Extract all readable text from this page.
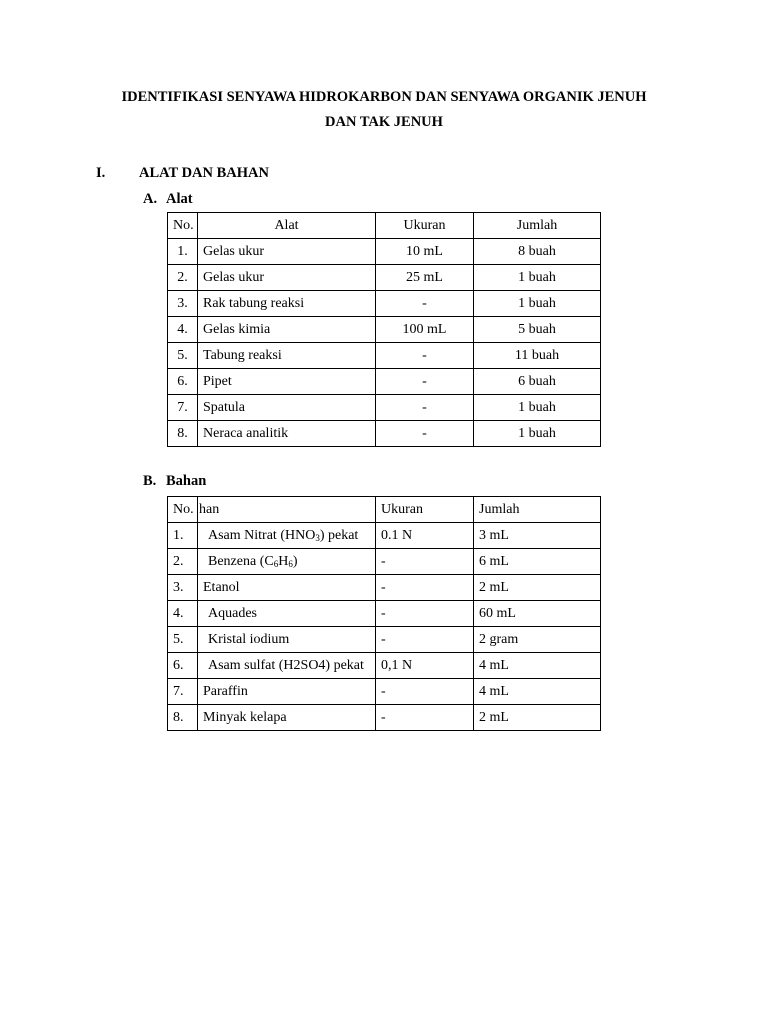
IDENTIFIKASI SENYAWA HIDROKARBON DAN SENYAWA ORGANIK JENUH
DAN TAK JENUH
I. ALAT DAN BAHAN
A. Alat
No.	Alat	Ukuran	Jumlah
1.	Gelas ukur	10 mL	8 buah
2.	Gelas ukur	25 mL	1 buah
3.	Rak tabung reaksi	-	1 buah
4.	Gelas kimia	100 mL	5 buah
5.	Tabung reaksi	-	11 buah
6.	Pipet	-	6 buah
7.	Spatula	-	1 buah
8.	Neraca analitik	-	1 buah
B. Bahan
No.	han	Ukuran	Jumlah
1.	Asam Nitrat $(HNO_3)$ pekat	0.1 N	3 mL
2.	Benzena $(C_6H_6)$	-	6 mL
3.	Etanol	-	2 mL
4.	Aquades	-	60 mL
5.	Kristal iodium	-	2 gram
6.	Asam sulfat (H2SO4) pekat	0,1 N	4 mL
7.	Paraffin	-	4 mL
8.	Minyak kelapa	-	2 mL
